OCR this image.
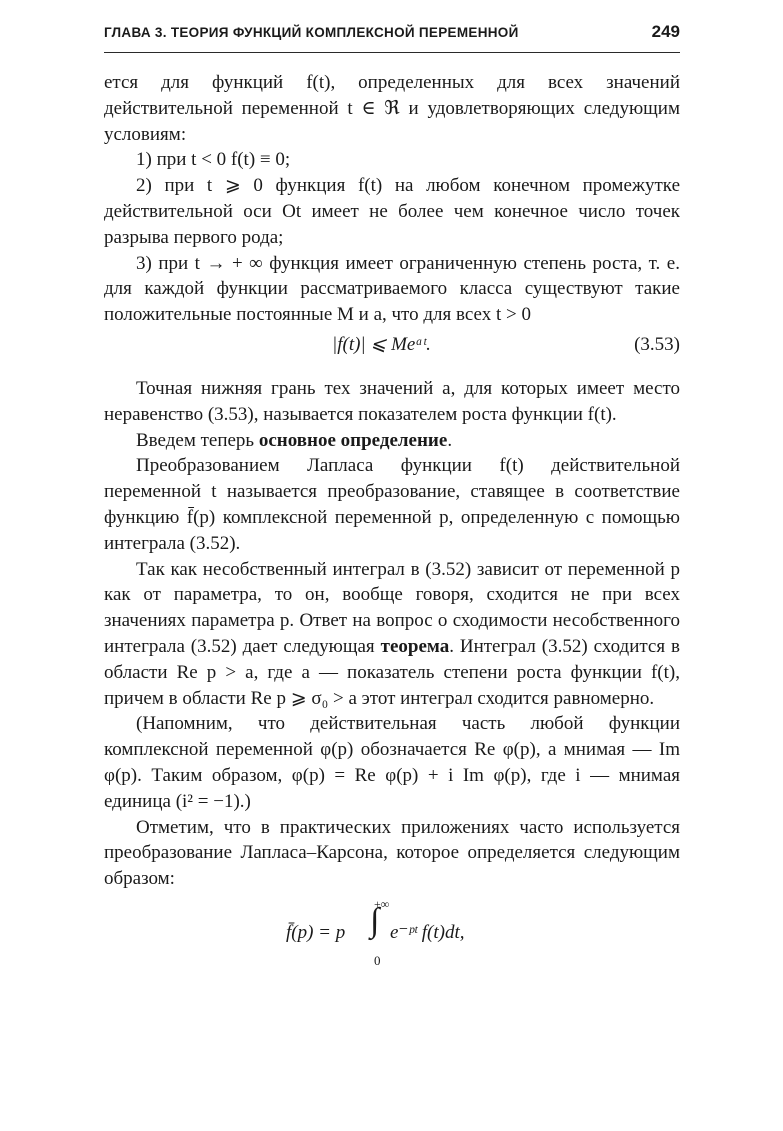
ГЛАВА 3. ТЕОРИЯ ФУНКЦИЙ КОМПЛЕКСНОЙ ПЕРЕМЕННОЙ	249

ется для функций f(t), определенных для всех значений действительной переменной t ∈ ℜ и удовлетворяющих следующим условиям:

1) при t < 0 f(t) ≡ 0;

2) при t ⩾ 0 функция f(t) на любом конечном промежутке действительной оси Ot имеет не более чем конечное число точек разрыва первого рода;

3) при t → + ∞ функция имеет ограниченную степень роста, т. е. для каждой функции рассматриваемого класса существуют такие положительные постоянные M и a, что для всех t > 0

|f(t)| ⩽ Meᵃᵗ.	(3.53)

Точная нижняя грань тех значений a, для которых имеет место неравенство (3.53), называется показателем роста функции f(t).

Введем теперь основное определение.

Преобразованием Лапласа функции f(t) действительной переменной t называется преобразование, ставящее в соответствие функцию f̄(p) комплексной переменной p, определенную с помощью интеграла (3.52).

Так как несобственный интеграл в (3.52) зависит от переменной p как от параметра, то он, вообще говоря, сходится не при всех значениях параметра p. Ответ на вопрос о сходимости несобственного интеграла (3.52) дает следующая теорема. Интеграл (3.52) сходится в области Re p > a, где a — показатель степени роста функции f(t), причем в области Re p ⩾ σ₀ > a этот интеграл сходится равномерно.

(Напомним, что действительная часть любой функции комплексной переменной φ(p) обозначается Re φ(p), а мнимая — Im φ(p). Таким образом, φ(p) = Re φ(p) + i Im φ(p), где i — мнимая единица (i² = −1).)

Отметим, что в практических приложениях часто используется преобразование Лапласа–Карсона, которое определяется следующим образом:

f̄(p) = p
+∞
∫
0
e⁻ᵖᵗ f(t)dt,
